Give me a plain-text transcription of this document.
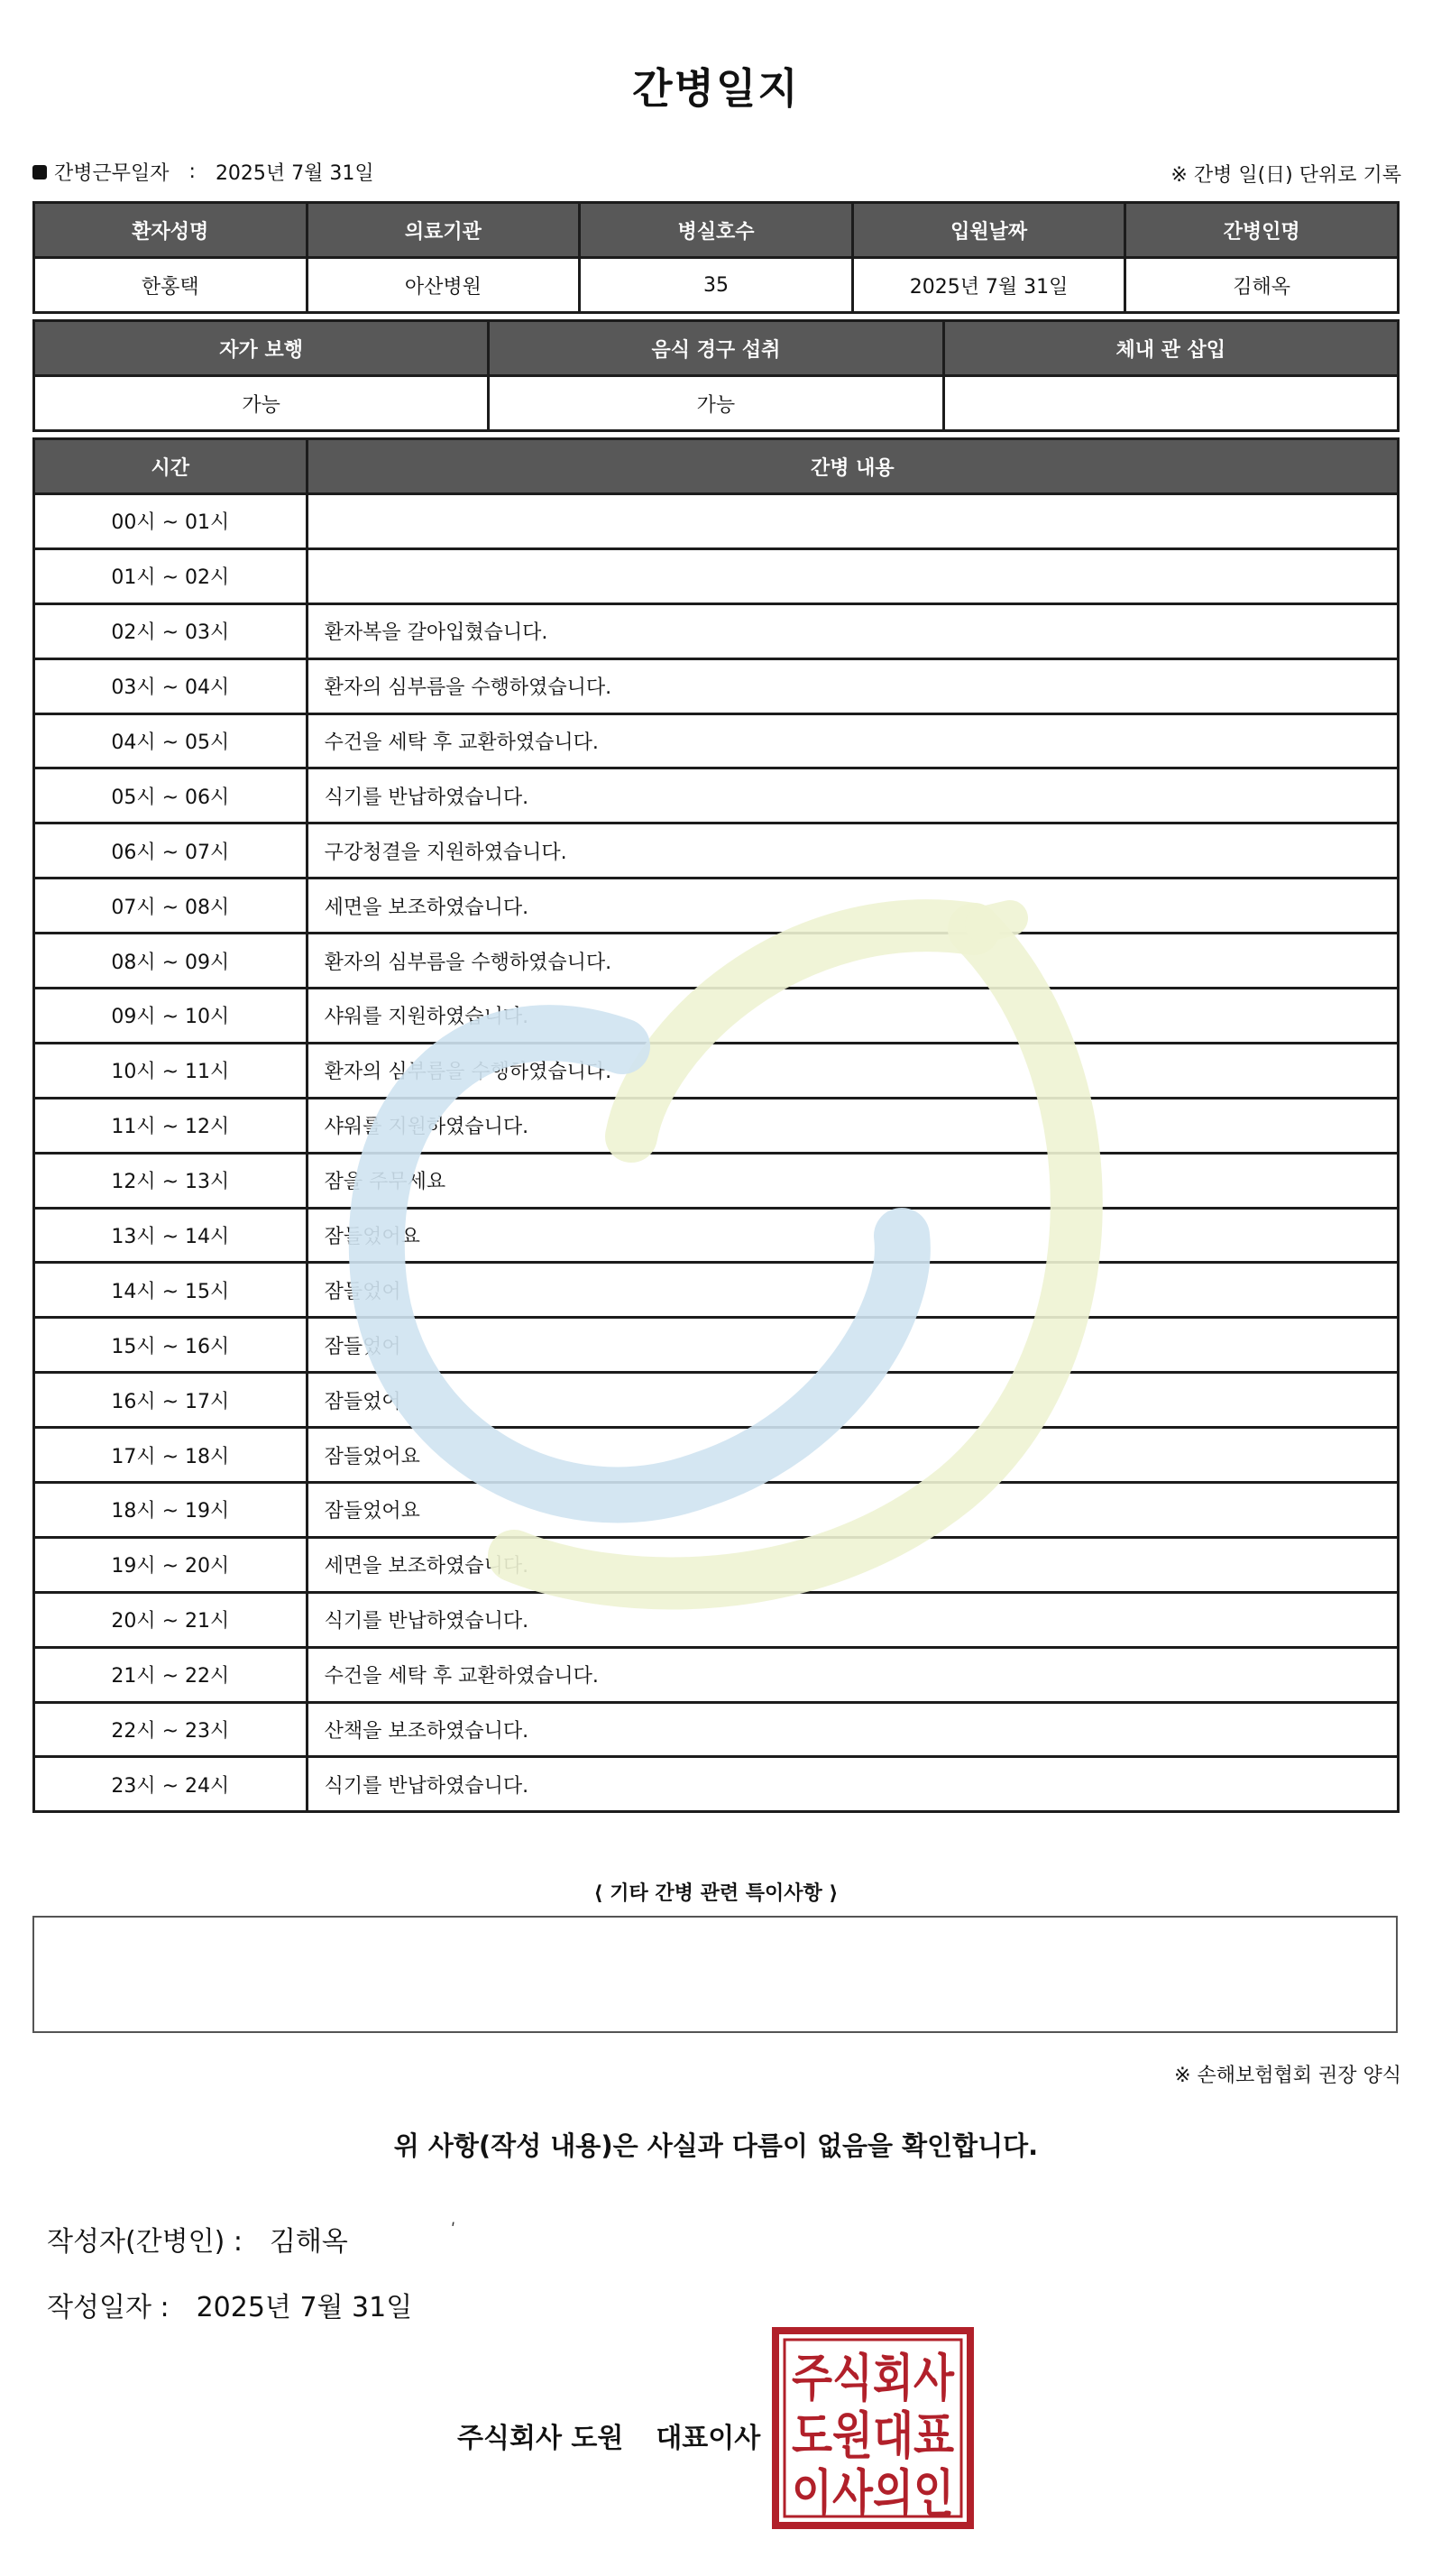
간병일지
간병근무일자 : 2025년 7월 31일	※ 간병 일(日) 단위로 기록
환자성명	의료기관	병실호수	입원날짜	간병인명
한홍택	아산병원	35	2025년 7월 31일	김해옥
자가 보행	음식 경구 섭취	체내 관 삽입
가능	가능	
시간	간병 내용
00시 ~ 01시	
01시 ~ 02시	
02시 ~ 03시	환자복을 갈아입혔습니다.
03시 ~ 04시	환자의 심부름을 수행하였습니다.
04시 ~ 05시	수건을 세탁 후 교환하였습니다.
05시 ~ 06시	식기를 반납하였습니다.
06시 ~ 07시	구강청결을 지원하였습니다.
07시 ~ 08시	세면을 보조하였습니다.
08시 ~ 09시	환자의 심부름을 수행하였습니다.
09시 ~ 10시	샤워를 지원하였습니다.
10시 ~ 11시	환자의 심부름을 수행하였습니다.
11시 ~ 12시	샤워를 지원하였습니다.
12시 ~ 13시	잠을 주무세요
13시 ~ 14시	잠들었어요
14시 ~ 15시	잠들었어
15시 ~ 16시	잠들었어
16시 ~ 17시	잠들었어
17시 ~ 18시	잠들었어요
18시 ~ 19시	잠들었어요
19시 ~ 20시	세면을 보조하였습니다.
20시 ~ 21시	식기를 반납하였습니다.
21시 ~ 22시	수건을 세탁 후 교환하였습니다.
22시 ~ 23시	산책을 보조하였습니다.
23시 ~ 24시	식기를 반납하였습니다.
⟨ 기타 간병 관련 특이사항 ⟩
※ 손해보험협회 권장 양식
위 사항(작성 내용)은 사실과 다름이 없음을 확인합니다.
작성자(간병인) : 김해옥	ʹ
작성일자 : 2025년 7월 31일
주식회사 도원 대표이사
주식회사
도원대표
이사의인
